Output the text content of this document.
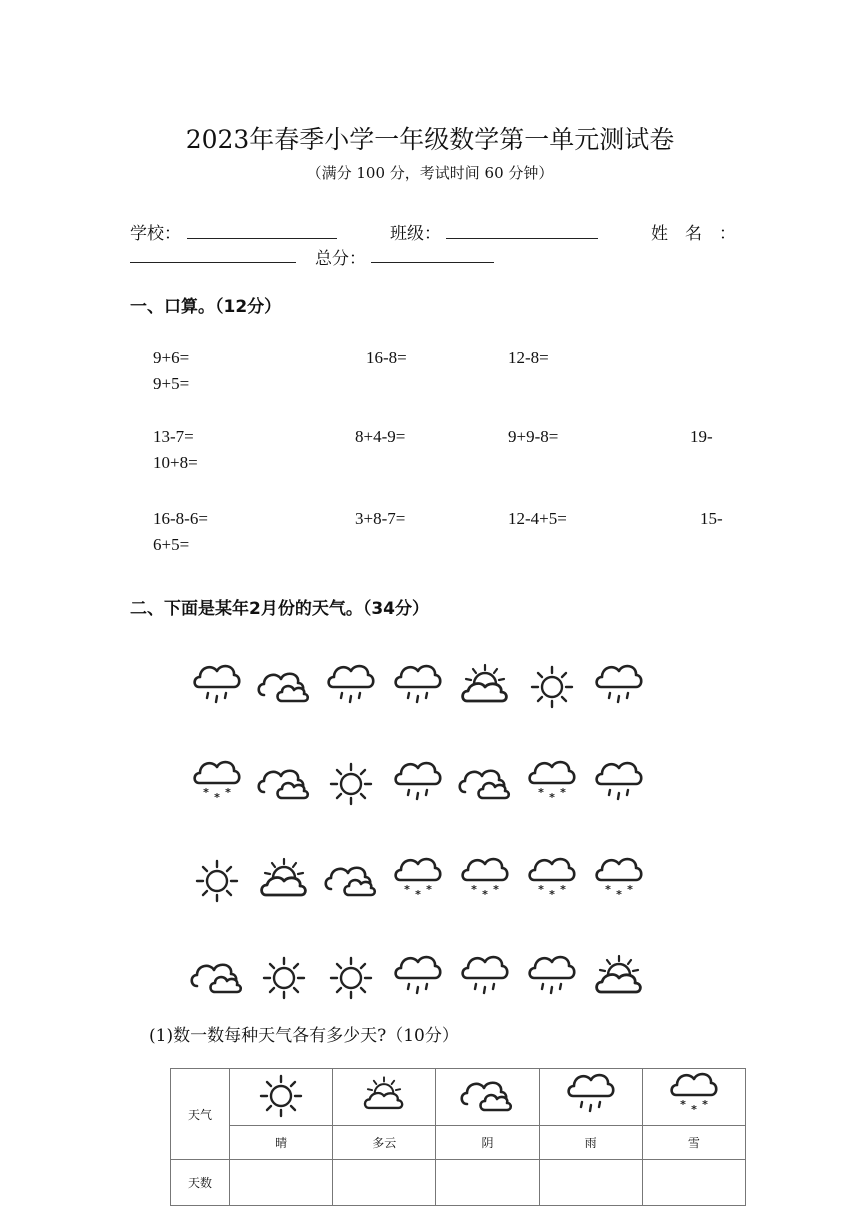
2023年春季小学一年级数学第一单元测试卷
（满分 100 分，考试时间 60 分钟）
学校：	班级：	姓　名　：
总分：
一、口算。（12分）
9+6=	16-8=	12-8=
9+5=
13-7=	8+4-9=	9+9-8=	19-
10+8=
16-8-6=	3+8-7=	12-4+5=	15-
6+5=
二、下面是某年2月份的天气。（34分）
(1)数一数每种天气各有多少天?（10分）
天气					
	晴	多云	阴	雨	雪
天数					
